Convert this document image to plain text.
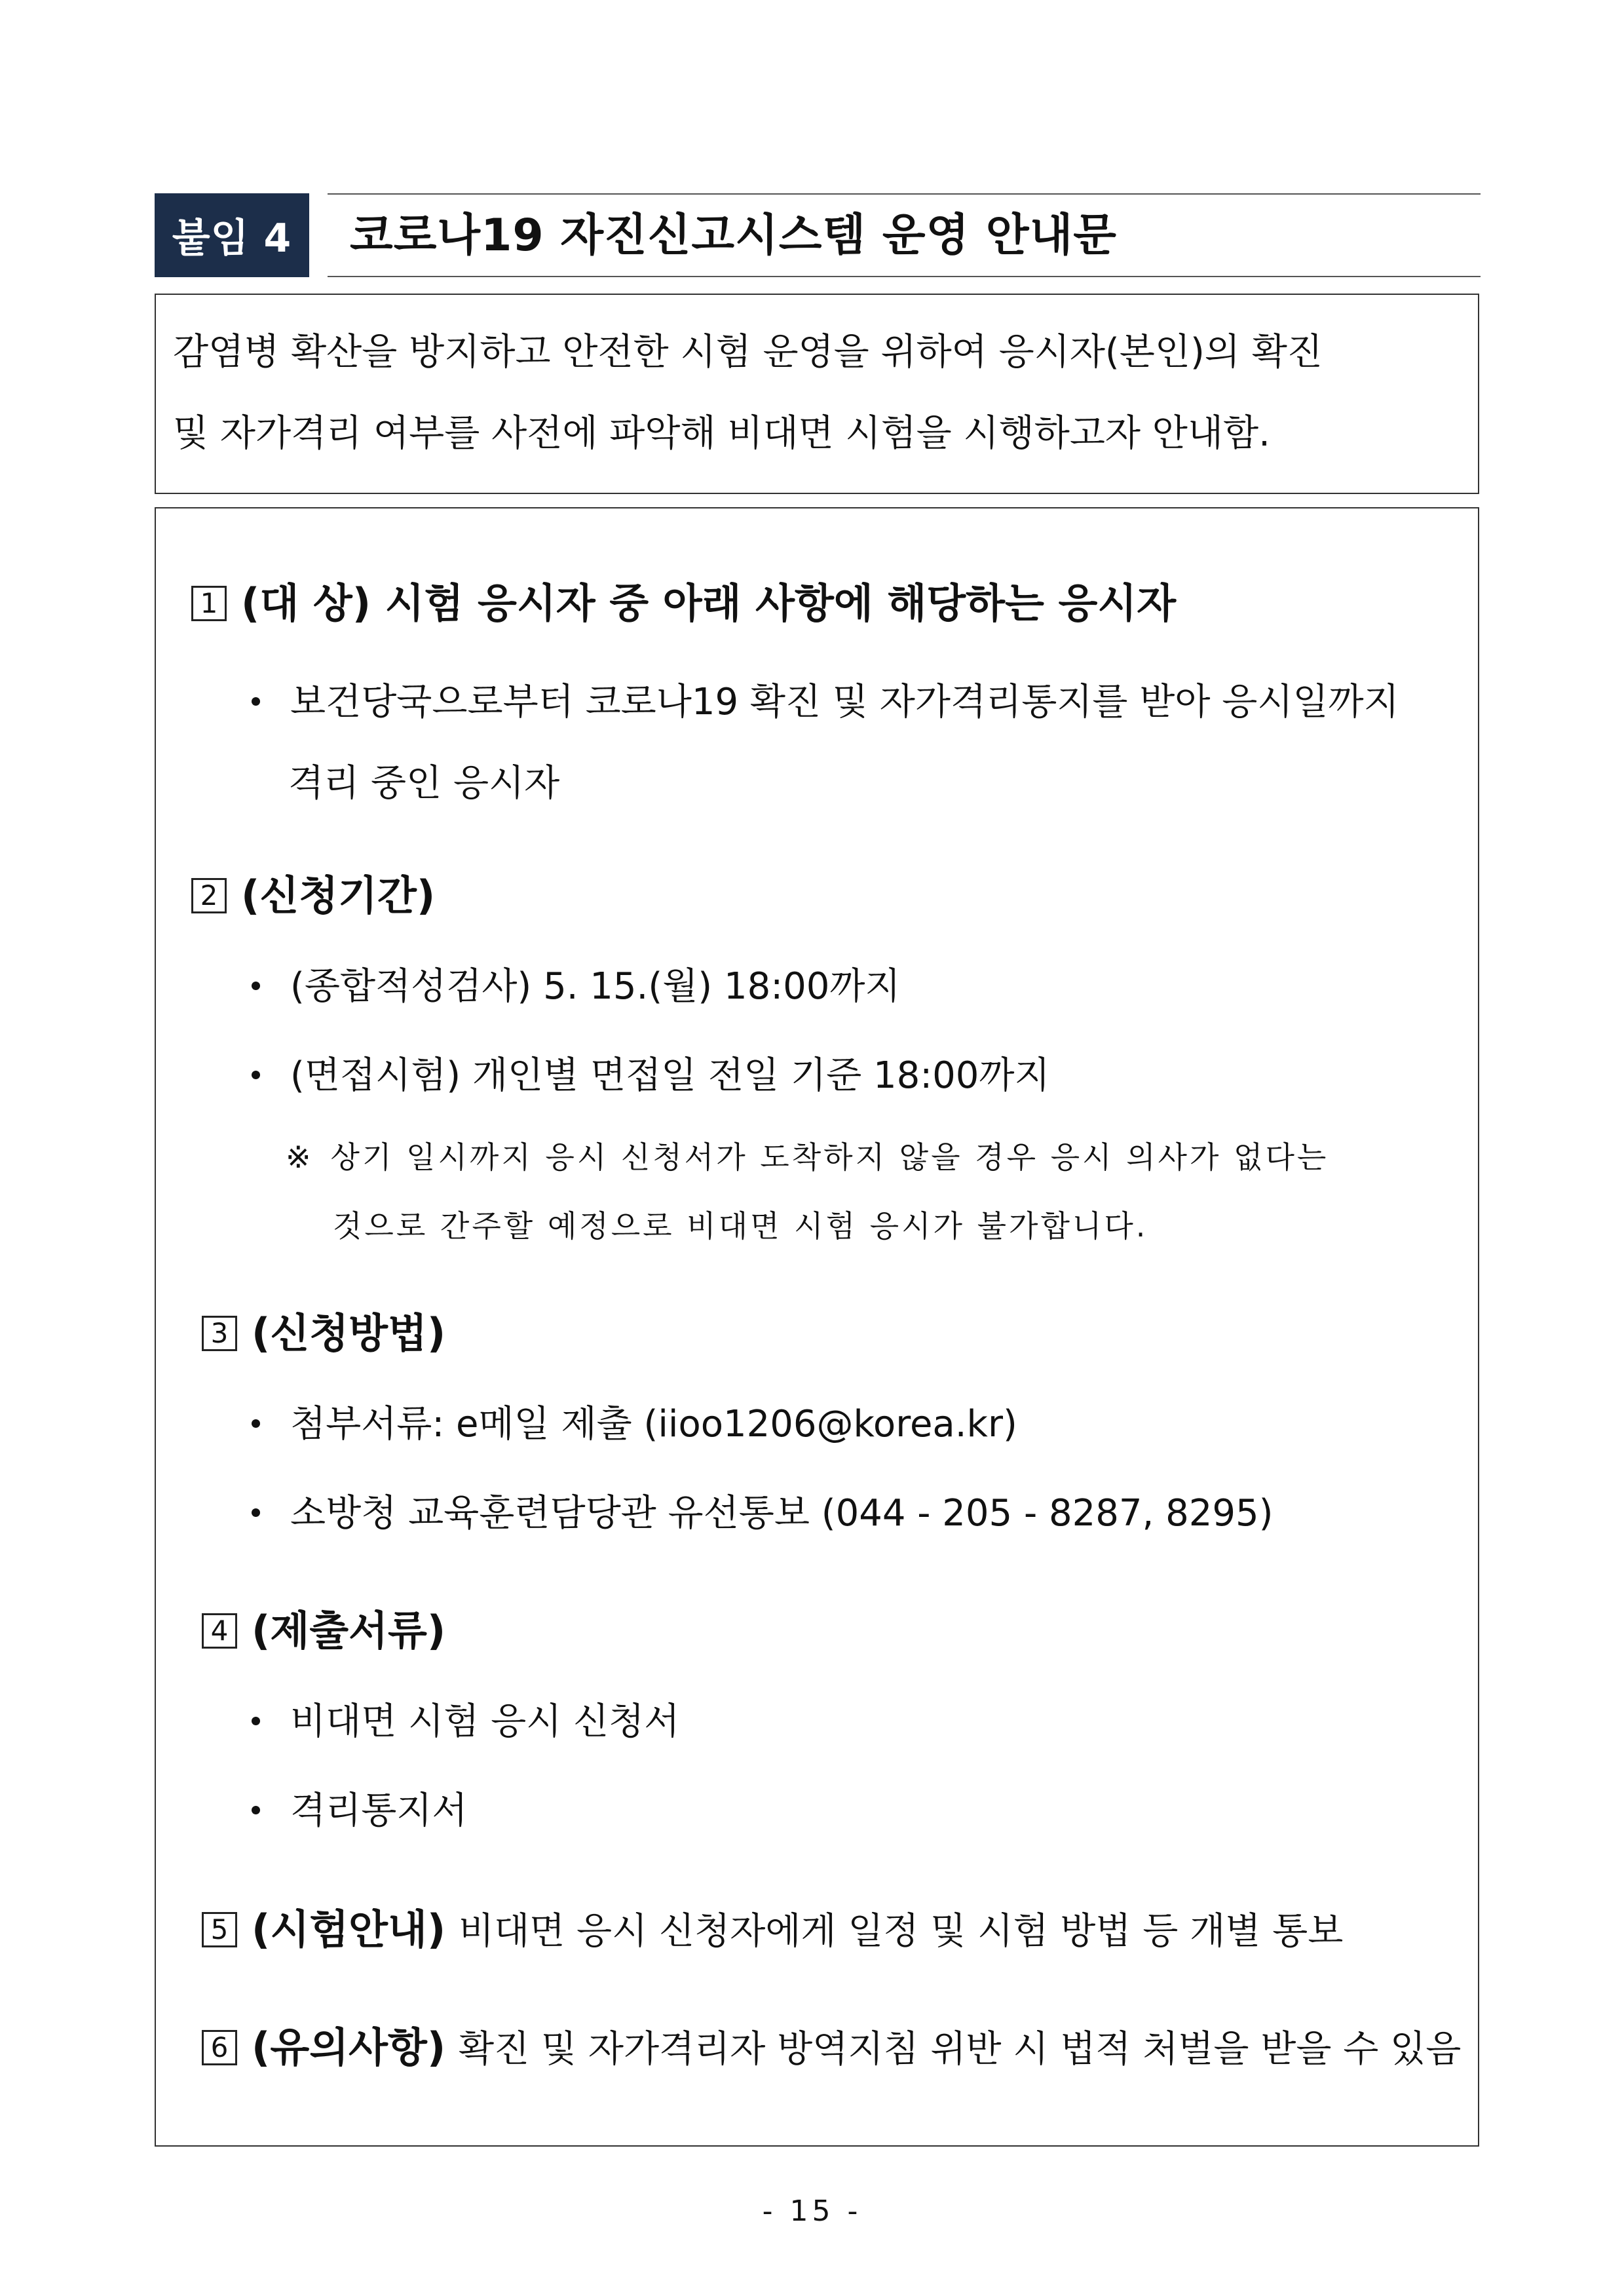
붙임 4	코로나19 자진신고시스템 운영 안내문
감염병 확산을 방지하고 안전한 시험 운영을 위하여 응시자(본인)의 확진
및 자가격리 여부를 사전에 파악해 비대면 시험을 시행하고자 안내함.
1 (대 상) 시험 응시자 중 아래 사항에 해당하는 응시자
보건당국으로부터 코로나19 확진 및 자가격리통지를 받아 응시일까지
격리 중인 응시자
2 (신청기간)
(종합적성검사) 5. 15.(월) 18:00까지
(면접시험) 개인별 면접일 전일 기준 18:00까지
※ 상기 일시까지 응시 신청서가 도착하지 않을 경우 응시 의사가 없다는
것으로 간주할 예정으로 비대면 시험 응시가 불가합니다.
3 (신청방법)
첨부서류: e메일 제출 (iioo1206@korea.kr)
소방청 교육훈련담당관 유선통보 (044 - 205 - 8287, 8295)
4 (제출서류)
비대면 시험 응시 신청서
격리통지서
5 (시험안내) 비대면 응시 신청자에게 일정 및 시험 방법 등 개별 통보
6 (유의사항) 확진 및 자가격리자 방역지침 위반 시 법적 처벌을 받을 수 있음
- 15 -
